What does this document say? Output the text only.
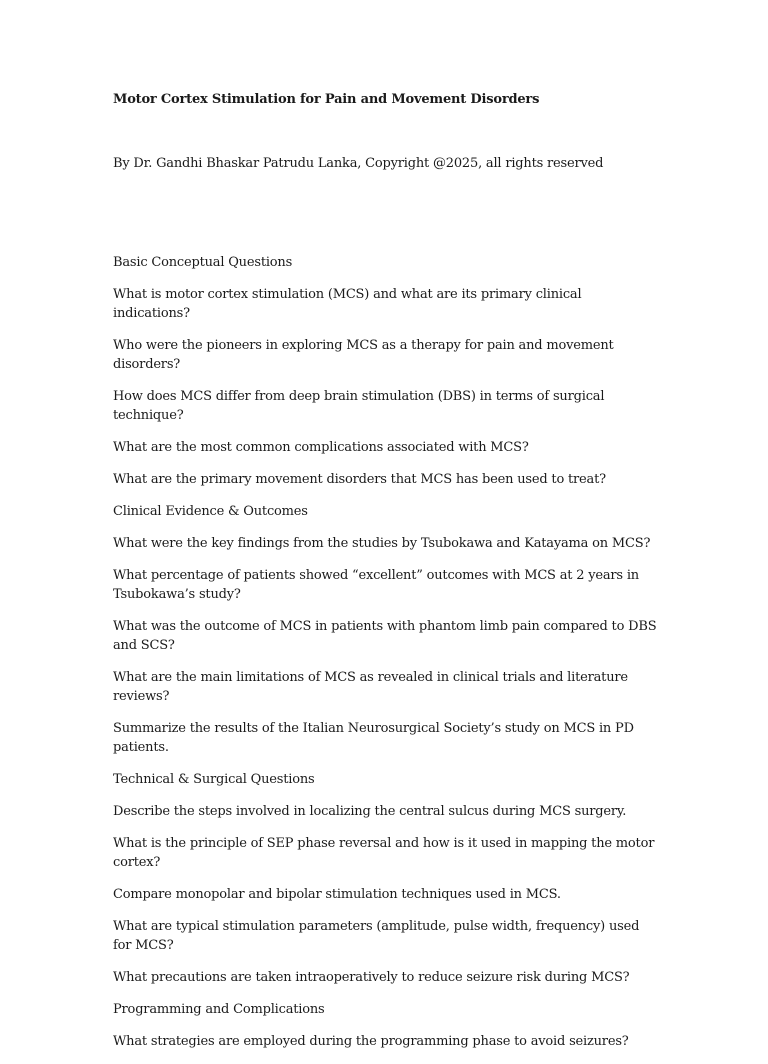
Motor Cortex Stimulation for Pain and Movement Disorders
By Dr. Gandhi Bhaskar Patrudu Lanka, Copyright @2025, all rights reserved

Basic Conceptual Questions

What is motor cortex stimulation (MCS) and what are its primary clinical indications?

Who were the pioneers in exploring MCS as a therapy for pain and movement disorders?

How does MCS differ from deep brain stimulation (DBS) in terms of surgical technique?

What are the most common complications associated with MCS?

What are the primary movement disorders that MCS has been used to treat?

Clinical Evidence & Outcomes

What were the key findings from the studies by Tsubokawa and Katayama on MCS?

What percentage of patients showed “excellent” outcomes with MCS at 2 years in Tsubokawa’s study?

What was the outcome of MCS in patients with phantom limb pain compared to DBS and SCS?

What are the main limitations of MCS as revealed in clinical trials and literature reviews?

Summarize the results of the Italian Neurosurgical Society’s study on MCS in PD patients.

Technical & Surgical Questions

Describe the steps involved in localizing the central sulcus during MCS surgery.

What is the principle of SEP phase reversal and how is it used in mapping the motor cortex?

Compare monopolar and bipolar stimulation techniques used in MCS.

What are typical stimulation parameters (amplitude, pulse width, frequency) used for MCS?

What precautions are taken intraoperatively to reduce seizure risk during MCS?

Programming and Complications

What strategies are employed during the programming phase to avoid seizures?
